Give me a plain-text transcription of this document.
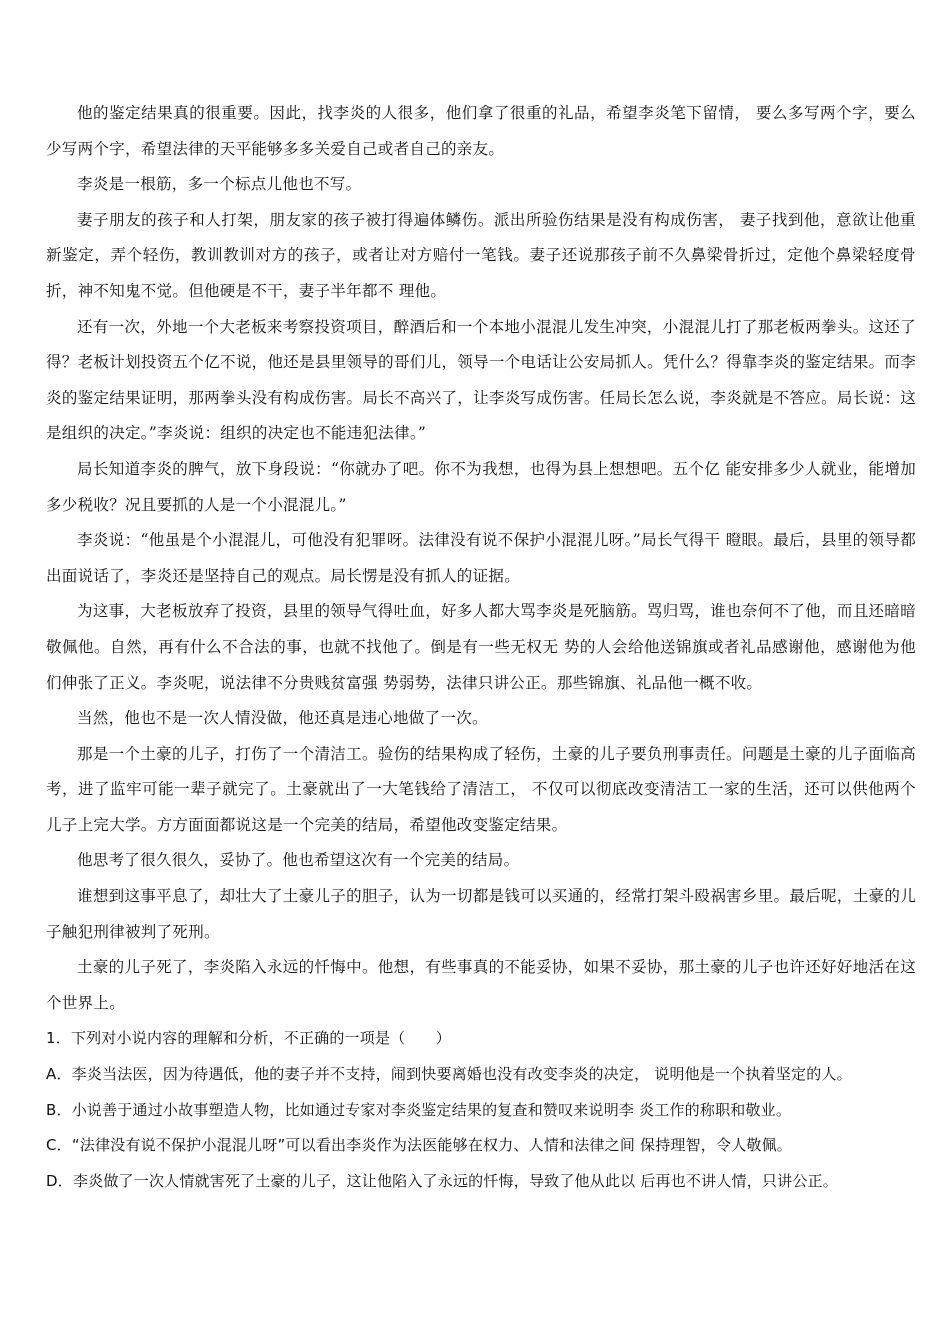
他的鉴定结果真的很重要。因此，找李炎的人很多，他们拿了很重的礼品，希望李炎笔下留情， 要么多写两个字，要么少写两个字，希望法律的天平能够多多关爱自己或者自己的亲友。

李炎是一根筋，多一个标点儿他也不写。

妻子朋友的孩子和人打架，朋友家的孩子被打得遍体鳞伤。派出所验伤结果是没有构成伤害， 妻子找到他，意欲让他重新鉴定，弄个轻伤，教训教训对方的孩子，或者让对方赔付一笔钱。妻子还说那孩子前不久鼻梁骨折过，定他个鼻梁轻度骨折，神不知鬼不觉。但他硬是不干，妻子半年都不 理他。

还有一次，外地一个大老板来考察投资项目，醉酒后和一个本地小混混儿发生冲突，小混混儿打了那老板两拳头。这还了得？老板计划投资五个亿不说，他还是县里领导的哥们儿，领导一个电话让公安局抓人。凭什么？得靠李炎的鉴定结果。而李炎的鉴定结果证明，那两拳头没有构成伤害。局长不高兴了，让李炎写成伤害。任局长怎么说，李炎就是不答应。局长说：这是组织的决定。”李炎说：组织的决定也不能违犯法律。”

局长知道李炎的脾气，放下身段说：“你就办了吧。你不为我想，也得为县上想想吧。五个亿 能安排多少人就业，能增加多少税收？况且要抓的人是一个小混混儿。”

李炎说：“他虽是个小混混儿，可他没有犯罪呀。法律没有说不保护小混混儿呀。”局长气得干 瞪眼。最后，县里的领导都出面说话了，李炎还是坚持自己的观点。局长愣是没有抓人的证据。

为这事，大老板放弃了投资，县里的领导气得吐血，好多人都大骂李炎是死脑筋。骂归骂，谁也奈何不了他，而且还暗暗敬佩他。自然，再有什么不合法的事，也就不找他了。倒是有一些无权无 势的人会给他送锦旗或者礼品感谢他，感谢他为他们伸张了正义。李炎呢，说法律不分贵贱贫富强 势弱势，法律只讲公正。那些锦旗、礼品他一概不收。

当然，他也不是一次人情没做，他还真是违心地做了一次。

那是一个土豪的儿子，打伤了一个清洁工。验伤的结果构成了轻伤，土豪的儿子要负刑事责任。问题是土豪的儿子面临高考，进了监牢可能一辈子就完了。土豪就出了一大笔钱给了清洁工， 不仅可以彻底改变清洁工一家的生活，还可以供他两个儿子上完大学。方方面面都说这是一个完美的结局，希望他改变鉴定结果。

他思考了很久很久，妥协了。他也希望这次有一个完美的结局。

谁想到这事平息了，却壮大了土豪儿子的胆子，认为一切都是钱可以买通的，经常打架斗殴祸害乡里。最后呢，土豪的儿子触犯刑律被判了死刑。

土豪的儿子死了，李炎陷入永远的忏悔中。他想，有些事真的不能妥协，如果不妥协，那土豪的儿子也许还好好地活在这个世界上。

1．下列对小说内容的理解和分析，不正确的一项是（　　）

A．李炎当法医，因为待遇低，他的妻子并不支持，闹到快要离婚也没有改变李炎的决定， 说明他是一个执着坚定的人。

B．小说善于通过小故事塑造人物，比如通过专家对李炎鉴定结果的复查和赞叹来说明李 炎工作的称职和敬业。

C．“法律没有说不保护小混混儿呀”可以看出李炎作为法医能够在权力、人情和法律之间 保持理智，令人敬佩。

D．李炎做了一次人情就害死了土豪的儿子，这让他陷入了永远的忏悔，导致了他从此以 后再也不讲人情，只讲公正。
